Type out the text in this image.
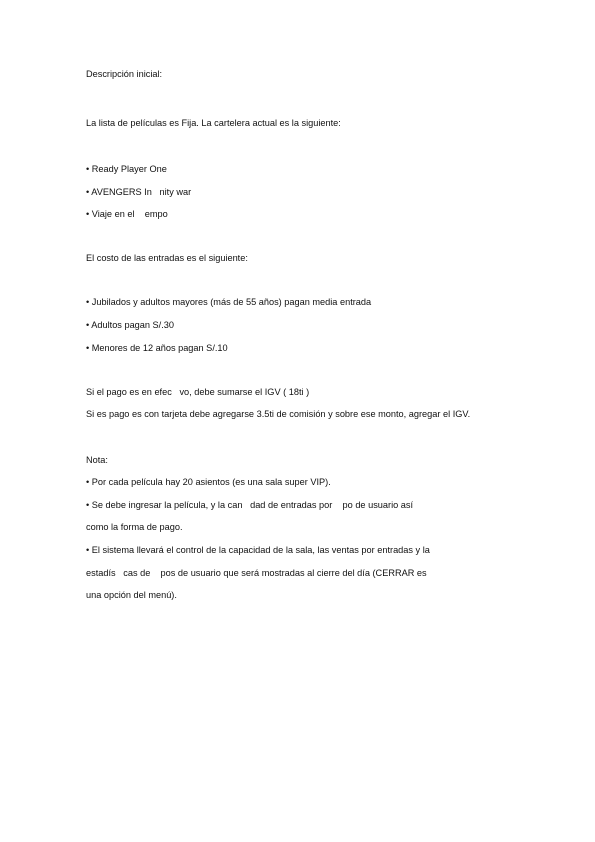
Descripción inicial:
La lista de películas es Fija. La cartelera actual es la siguiente:
• Ready Player One
• AVENGERS In   nity war
• Viaje en el    empo
El costo de las entradas es el siguiente:
• Jubilados y adultos mayores (más de 55 años) pagan media entrada
• Adultos pagan S/.30
• Menores de 12 años pagan S/.10
Si el pago es en efec   vo, debe sumarse el IGV ( 18ti )
Si es pago es con tarjeta debe agregarse 3.5ti de comisión y sobre ese monto, agregar el IGV.
Nota:
• Por cada película hay 20 asientos (es una sala super VIP).
• Se debe ingresar la película, y la can   dad de entradas por    po de usuario así
como la forma de pago.
• El sistema llevará el control de la capacidad de la sala, las ventas por entradas y la
estadís   cas de    pos de usuario que será mostradas al cierre del día (CERRAR es
una opción del menú).
